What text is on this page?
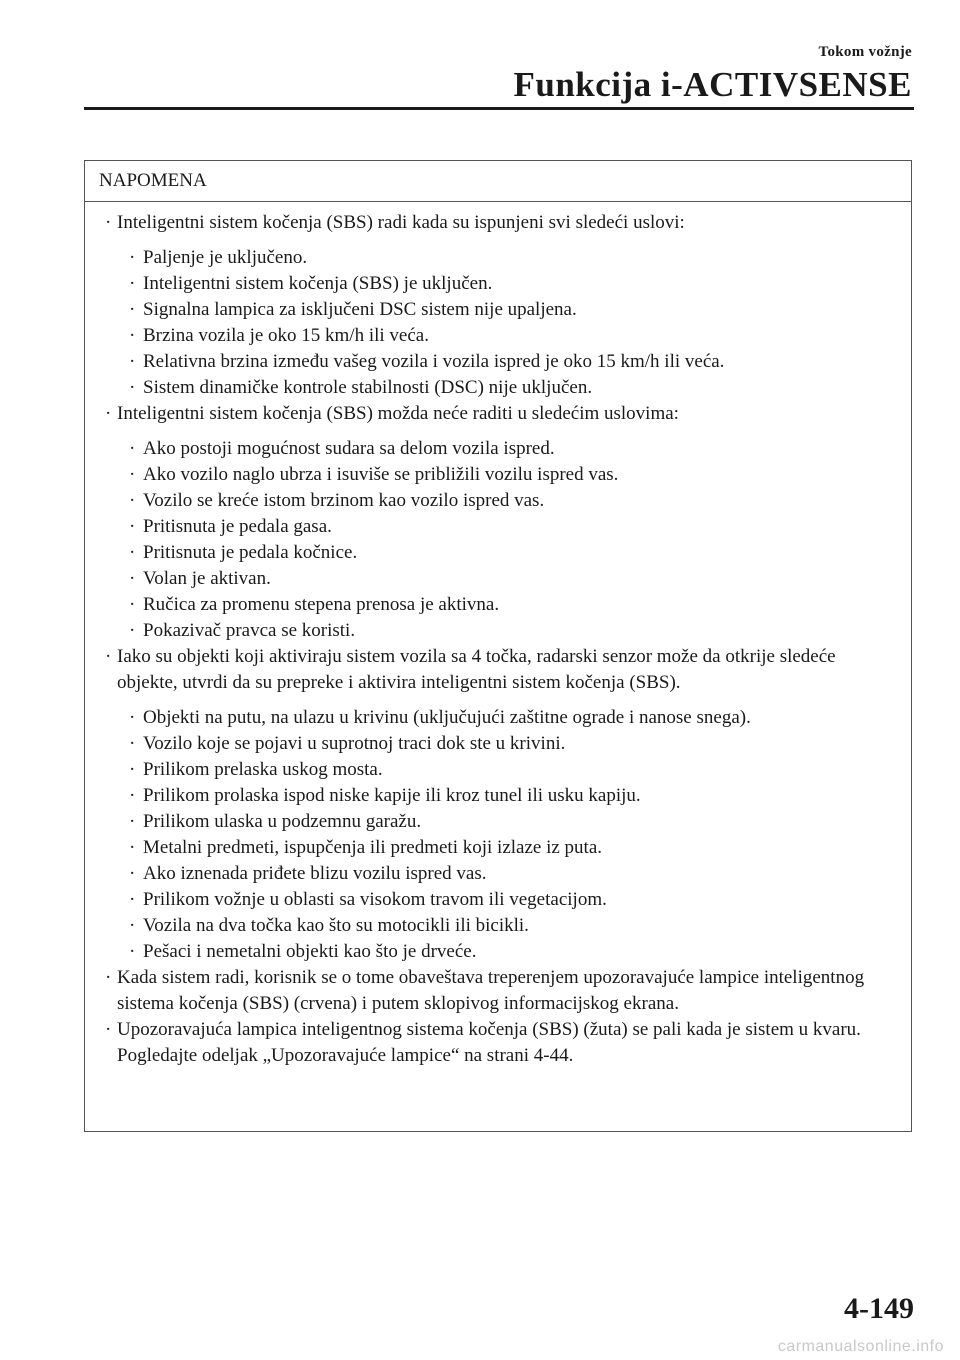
Tokom vožnje
Funkcija i-ACTIVSENSE
NAPOMENA
· Inteligentni sistem kočenja (SBS) radi kada su ispunjeni svi sledeći uslovi:
· Paljenje je uključeno.
· Inteligentni sistem kočenja (SBS) je uključen.
· Signalna lampica za isključeni DSC sistem nije upaljena.
· Brzina vozila je oko 15 km/h ili veća.
· Relativna brzina između vašeg vozila i vozila ispred je oko 15 km/h ili veća.
· Sistem dinamičke kontrole stabilnosti (DSC) nije uključen.
· Inteligentni sistem kočenja (SBS) možda neće raditi u sledećim uslovima:
· Ako postoji mogućnost sudara sa delom vozila ispred.
· Ako vozilo naglo ubrza i isuviše se približili vozilu ispred vas.
· Vozilo se kreće istom brzinom kao vozilo ispred vas.
· Pritisnuta je pedala gasa.
· Pritisnuta je pedala kočnice.
· Volan je aktivan.
· Ručica za promenu stepena prenosa je aktivna.
· Pokazivač pravca se koristi.
· Iako su objekti koji aktiviraju sistem vozila sa 4 točka, radarski senzor može da otkrije sledeće objekte, utvrdi da su prepreke i aktivira inteligentni sistem kočenja (SBS).
· Objekti na putu, na ulazu u krivinu (uključujući zaštitne ograde i nanose snega).
· Vozilo koje se pojavi u suprotnoj traci dok ste u krivini.
· Prilikom prelaska uskog mosta.
· Prilikom prolaska ispod niske kapije ili kroz tunel ili usku kapiju.
· Prilikom ulaska u podzemnu garažu.
· Metalni predmeti, ispupčenja ili predmeti koji izlaze iz puta.
· Ako iznenada priđete blizu vozilu ispred vas.
· Prilikom vožnje u oblasti sa visokom travom ili vegetacijom.
· Vozila na dva točka kao što su motocikli ili bicikli.
· Pešaci i nemetalni objekti kao što je drveće.
· Kada sistem radi, korisnik se o tome obaveštava treperenjem upozoravajuće lampice inteligentnog sistema kočenja (SBS) (crvena) i putem sklopivog informacijskog ekrana.
· Upozoravajuća lampica inteligentnog sistema kočenja (SBS) (žuta) se pali kada je sistem u kvaru.
Pogledajte odeljak „Upozoravajuće lampice“ na strani 4-44.
4-149
carmanualsonline.info
